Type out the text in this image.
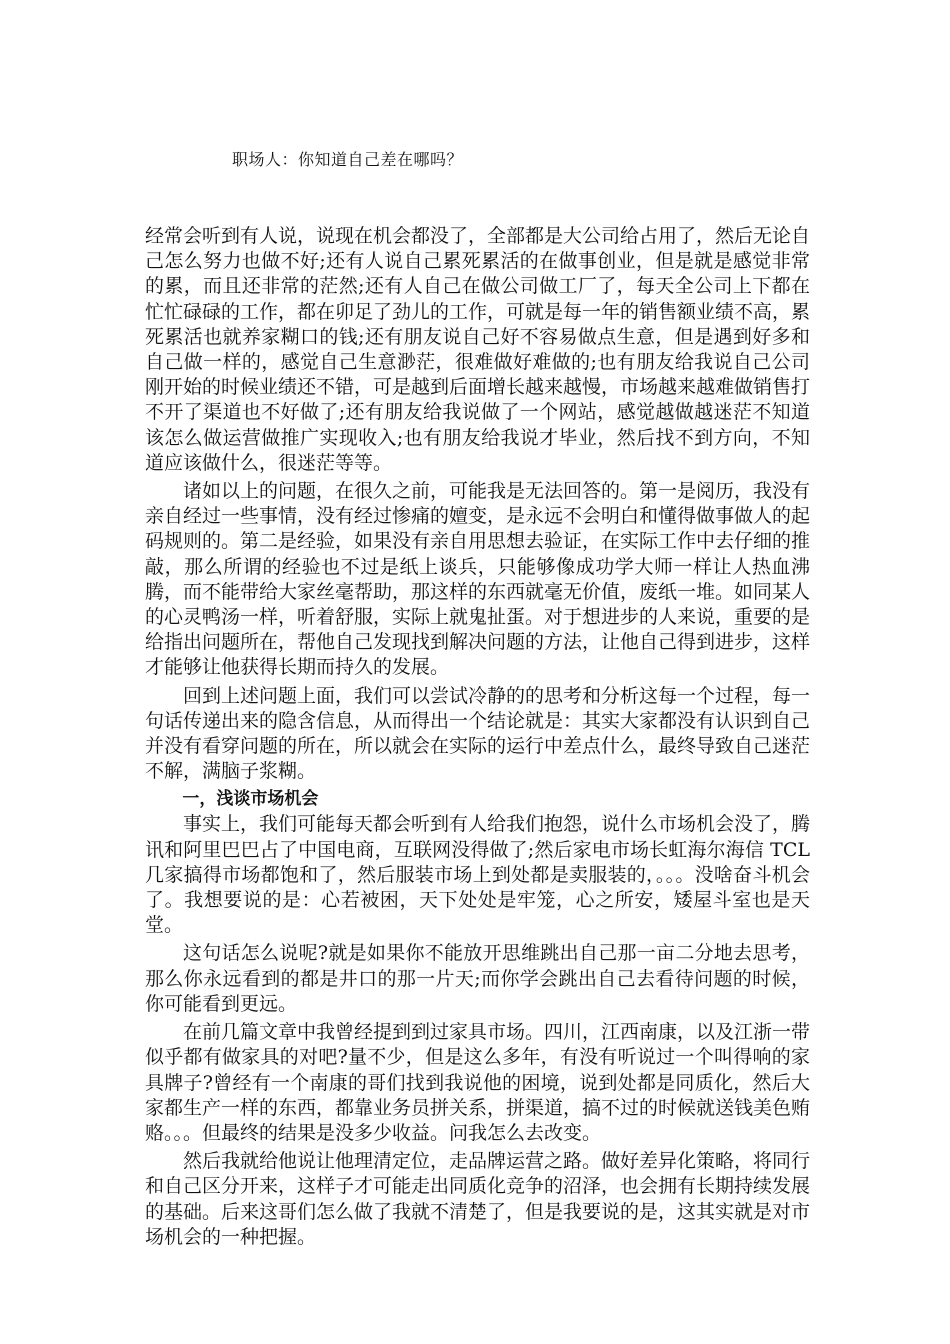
职场人：你知道自己差在哪吗？

经常会听到有人说，说现在机会都没了，全部都是大公司给占用了，然后无论自己怎么努力也做不好;还有人说自己累死累活的在做事创业，但是就是感觉非常的累，而且还非常的茫然;还有人自己在做公司做工厂了，每天全公司上下都在忙忙碌碌的工作，都在卯足了劲儿的工作，可就是每一年的销售额业绩不高，累死累活也就养家糊口的钱;还有朋友说自己好不容易做点生意，但是遇到好多和自己做一样的，感觉自己生意渺茫，很难做好难做的;也有朋友给我说自己公司刚开始的时候业绩还不错，可是越到后面增长越来越慢，市场越来越难做销售打不开了渠道也不好做了;还有朋友给我说做了一个网站，感觉越做越迷茫不知道该怎么做运营做推广实现收入;也有朋友给我说才毕业，然后找不到方向，不知道应该做什么，很迷茫等等。

诸如以上的问题，在很久之前，可能我是无法回答的。第一是阅历，我没有亲自经过一些事情，没有经过惨痛的嬗变，是永远不会明白和懂得做事做人的起码规则的。第二是经验，如果没有亲自用思想去验证，在实际工作中去仔细的推敲，那么所谓的经验也不过是纸上谈兵，只能够像成功学大师一样让人热血沸腾，而不能带给大家丝毫帮助，那这样的东西就毫无价值，废纸一堆。如同某人的心灵鸭汤一样，听着舒服，实际上就鬼扯蛋。对于想进步的人来说，重要的是给指出问题所在，帮他自己发现找到解决问题的方法，让他自己得到进步，这样才能够让他获得长期而持久的发展。

回到上述问题上面，我们可以尝试冷静的的思考和分析这每一个过程，每一句话传递出来的隐含信息，从而得出一个结论就是：其实大家都没有认识到自己并没有看穿问题的所在，所以就会在实际的运行中差点什么，最终导致自己迷茫不解，满脑子浆糊。

一，浅谈市场机会

事实上，我们可能每天都会听到有人给我们抱怨，说什么市场机会没了，腾讯和阿里巴巴占了中国电商，互联网没得做了;然后家电市场长虹海尔海信 TCL 几家搞得市场都饱和了，然后服装市场上到处都是卖服装的，。。。没啥奋斗机会了。我想要说的是：心若被困，天下处处是牢笼，心之所安，矮屋斗室也是天堂。

这句话怎么说呢?就是如果你不能放开思维跳出自己那一亩二分地去思考，那么你永远看到的都是井口的那一片天;而你学会跳出自己去看待问题的时候，你可能看到更远。

在前几篇文章中我曾经提到到过家具市场。四川，江西南康，以及江浙一带似乎都有做家具的对吧?量不少，但是这么多年，有没有听说过一个叫得响的家具牌子?曾经有一个南康的哥们找到我说他的困境，说到处都是同质化，然后大家都生产一样的东西，都靠业务员拼关系，拼渠道，搞不过的时候就送钱美色贿赂。。。但最终的结果是没多少收益。问我怎么去改变。

然后我就给他说让他理清定位，走品牌运营之路。做好差异化策略，将同行和自己区分开来，这样子才可能走出同质化竞争的沼泽，也会拥有长期持续发展的基础。后来这哥们怎么做了我就不清楚了，但是我要说的是，这其实就是对市场机会的一种把握。
